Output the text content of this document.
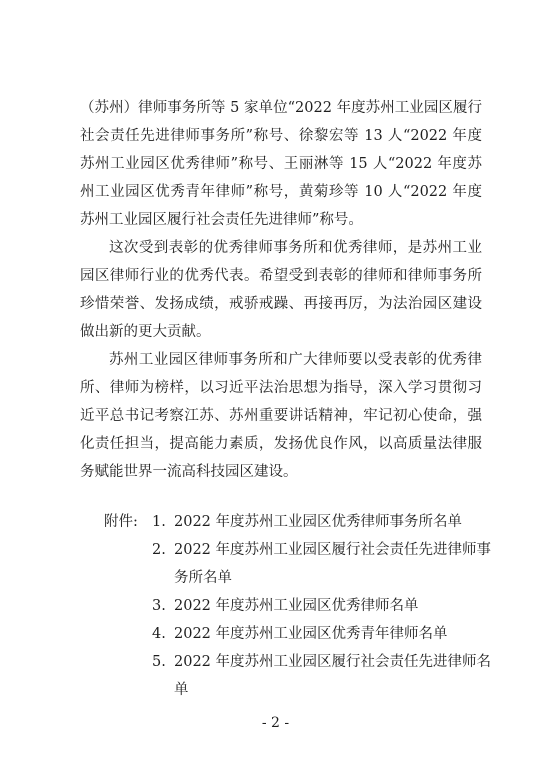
（苏州）律师事务所等 5 家单位“2022 年度苏州工业园区履行社会责任先进律师事务所”称号、徐黎宏等 13 人“2022 年度苏州工业园区优秀律师”称号、王丽淋等 15 人“2022 年度苏州工业园区优秀青年律师”称号，黄菊珍等 10 人“2022 年度苏州工业园区履行社会责任先进律师”称号。

这次受到表彰的优秀律师事务所和优秀律师，是苏州工业园区律师行业的优秀代表。希望受到表彰的律师和律师事务所珍惜荣誉、发扬成绩，戒骄戒躁、再接再厉，为法治园区建设做出新的更大贡献。

苏州工业园区律师事务所和广大律师要以受表彰的优秀律所、律师为榜样，以习近平法治思想为指导，深入学习贯彻习近平总书记考察江苏、苏州重要讲话精神，牢记初心使命，强化责任担当，提高能力素质，发扬优良作风，以高质量法律服务赋能世界一流高科技园区建设。

附件: 1. 2022 年度苏州工业园区优秀律师事务所名单
2. 2022 年度苏州工业园区履行社会责任先进律师事务所名单
3. 2022 年度苏州工业园区优秀律师名单
4. 2022 年度苏州工业园区优秀青年律师名单
5. 2022 年度苏州工业园区履行社会责任先进律师名单
- 2 -
